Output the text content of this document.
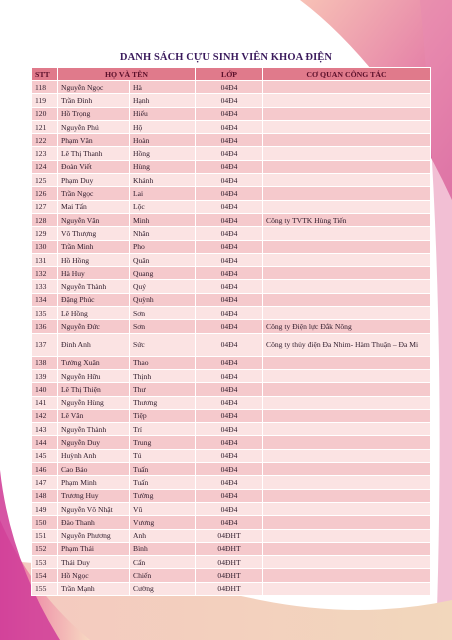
DANH SÁCH CỰU SINH VIÊN KHOA ĐIỆN
STT	HỌ VÀ TÊN		LỚP	CƠ QUAN CÔNG TÁC
118	Nguyễn Ngọc	Hà	04Đ4	
119	Trần Đình	Hạnh	04Đ4	
120	Hồ Trọng	Hiếu	04Đ4	
121	Nguyễn Phú	Hộ	04Đ4	
122	Phạm Văn	Hoàn	04Đ4	
123	Lê Thị Thanh	Hồng	04Đ4	
124	Đoàn Viết	Hùng	04Đ4	
125	Phạm Duy	Khánh	04Đ4	
126	Trần Ngọc	Lai	04Đ4	
127	Mai Tấn	Lộc	04Đ4	
128	Nguyễn Văn	Minh	04Đ4	Công ty TVTK Hùng Tiến
129	Võ Thượng	Nhân	04Đ4	
130	Trần Minh	Pho	04Đ4	
131	Hồ Hồng	Quân	04Đ4	
132	Hà Huy	Quang	04Đ4	
133	Nguyễn Thành	Quý	04Đ4	
134	Đặng Phúc	Quỳnh	04Đ4	
135	Lê Hồng	Sơn	04Đ4	
136	Nguyễn Đức	Sơn	04Đ4	Công ty Điện lực Đắk Nông
137	Đinh Anh	Sức	04Đ4	Công ty thủy điện Đa Nhim- Hàm Thuận – Đa Mi
138	Tưởng Xuân	Thao	04Đ4	
139	Nguyễn Hữu	Thịnh	04Đ4	
140	Lê Thị Thiện	Thư	04Đ4	
141	Nguyễn Hùng	Thương	04Đ4	
142	Lê Văn	Tiệp	04Đ4	
143	Nguyễn Thành	Trí	04Đ4	
144	Nguyễn Duy	Trung	04Đ4	
145	Huỳnh Anh	Tú	04Đ4	
146	Cao Bảo	Tuấn	04Đ4	
147	Phạm Minh	Tuấn	04Đ4	
148	Trương Huy	Tường	04Đ4	
149	Nguyễn Võ Nhật	Vũ	04Đ4	
150	Đào Thanh	Vương	04Đ4	
151	Nguyễn Phương	Anh	04ĐHT	
152	Phạm Thái	Bình	04ĐHT	
153	Thái Duy	Cẩn	04ĐHT	
154	Hồ Ngọc	Chiến	04ĐHT	
155	Trần Mạnh	Cường	04ĐHT	
